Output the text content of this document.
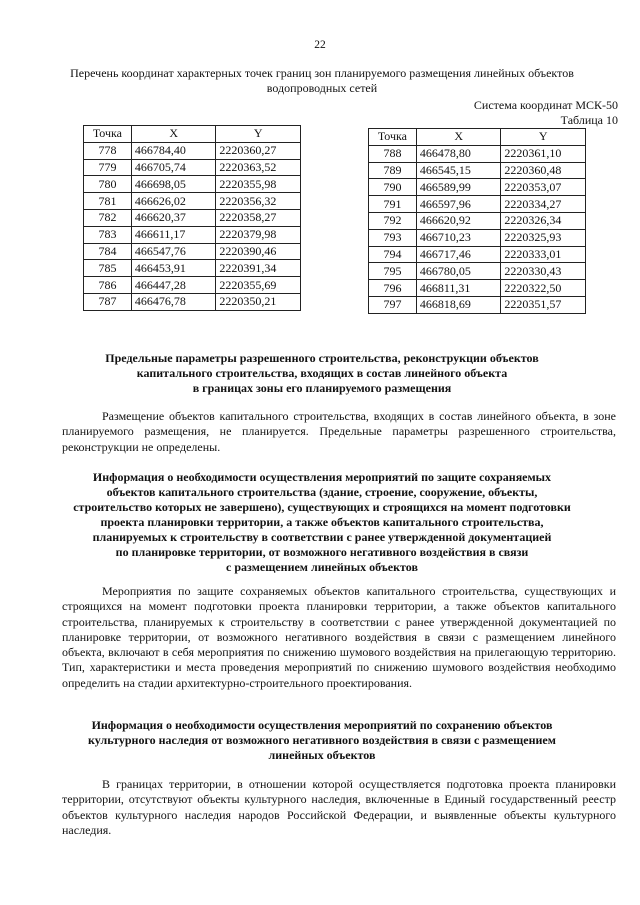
22
Перечень координат характерных точек границ зон планируемого размещения линейных объектов
водопроводных сетей
Система координат МСК-50
Таблица 10
Точка	X	Y
778	466784,40	2220360,27
779	466705,74	2220363,52
780	466698,05	2220355,98
781	466626,02	2220356,32
782	466620,37	2220358,27
783	466611,17	2220379,98
784	466547,76	2220390,46
785	466453,91	2220391,34
786	466447,28	2220355,69
787	466476,78	2220350,21
Точка	X	Y
788	466478,80	2220361,10
789	466545,15	2220360,48
790	466589,99	2220353,07
791	466597,96	2220334,27
792	466620,92	2220326,34
793	466710,23	2220325,93
794	466717,46	2220333,01
795	466780,05	2220330,43
796	466811,31	2220322,50
797	466818,69	2220351,57
Предельные параметры разрешенного строительства, реконструкции объектов
капитального строительства, входящих в состав линейного объекта
в границах зоны его планируемого размещения
Размещение объектов капитального строительства, входящих в состав линейного объекта, в зоне планируемого размещения, не планируется. Предельные параметры разрешенного строительства, реконструкции не определены.
Информация о необходимости осуществления мероприятий по защите сохраняемых
объектов капитального строительства (здание, строение, сооружение, объекты,
строительство которых не завершено), существующих и строящихся на момент подготовки
проекта планировки территории, а также объектов капитального строительства,
планируемых к строительству в соответствии с ранее утвержденной документацией
по планировке территории, от возможного негативного воздействия в связи
с размещением линейных объектов
Мероприятия по защите сохраняемых объектов капитального строительства, существующих и строящихся на момент подготовки проекта планировки территории, а также объектов капитального строительства, планируемых к строительству в соответствии с ранее утвержденной документацией по планировке территории, от возможного негативного воздействия в связи с размещением линейного объекта, включают в себя мероприятия по снижению шумового воздействия на прилегающую территорию. Тип, характеристики и места проведения мероприятий по снижению шумового воздействия необходимо определить на стадии архитектурно-строительного проектирования.
Информация о необходимости осуществления мероприятий по сохранению объектов
культурного наследия от возможного негативного воздействия в связи с размещением
линейных объектов
В границах территории, в отношении которой осуществляется подготовка проекта планировки территории, отсутствуют объекты культурного наследия, включенные в Единый государственный реестр объектов культурного наследия народов Российской Федерации, и выявленные объекты культурного наследия.
